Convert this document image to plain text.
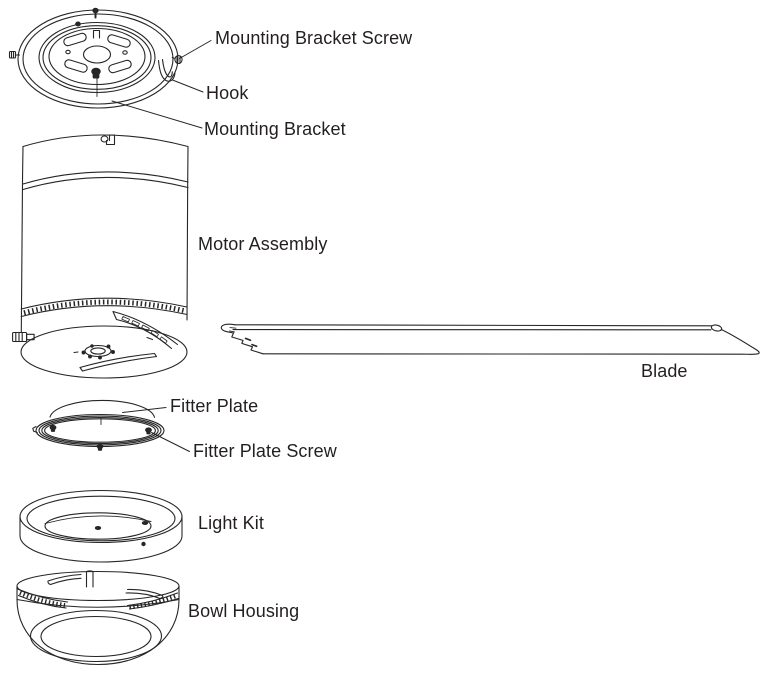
Mounting Bracket Screw
Hook
Mounting Bracket
Motor Assembly
Blade
Fitter Plate
Fitter Plate Screw
Light Kit
Bowl Housing
